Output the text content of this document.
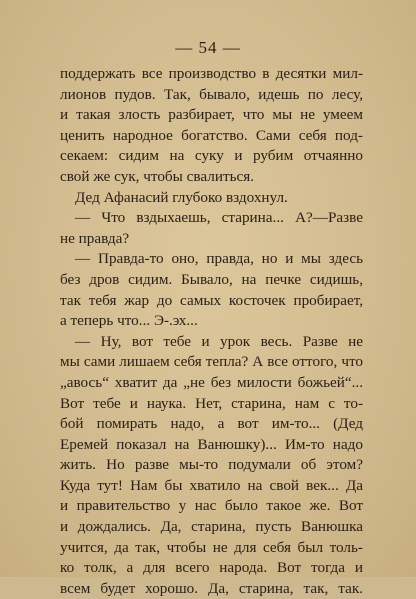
— 54 —
поддержать все производство в десятки мил-
лионов пудов. Так, бывало, идешь по лесу,
и такая злость разбирает, что мы не умеем
ценить народное богатство. Сами себя под-
секаем: сидим на суку и рубим отчаянно
свой же сук, чтобы свалиться.
Дед Афанасий глубоко вздохнул.
— Что вздыхаешь, старина... А?—Разве
не правда?
— Правда-то оно, правда, но и мы здесь
без дров сидим. Бывало, на печке сидишь,
так тебя жар до самых косточек пробирает,
а теперь что... Э-.эх...
— Ну, вот тебе и урок весь. Разве не
мы сами лишаем себя тепла? А все оттого, что
„авось“ хватит да „не без милости божьей“...
Вот тебе и наука. Нет, старина, нам с то-
бой помирать надо, а вот им-то... (Дед
Еремей показал на Ванюшку)... Им-то надо
жить. Но разве мы-то подумали об этом?
Куда тут! Нам бы хватило на свой век... Да
и правительство у нас было такое же. Вот
и дождались. Да, старина, пусть Ванюшка
учится, да так, чтобы не для себя был толь-
ко толк, а для всего народа. Вот тогда и
всем будет хорошо. Да, старина, так, так.
